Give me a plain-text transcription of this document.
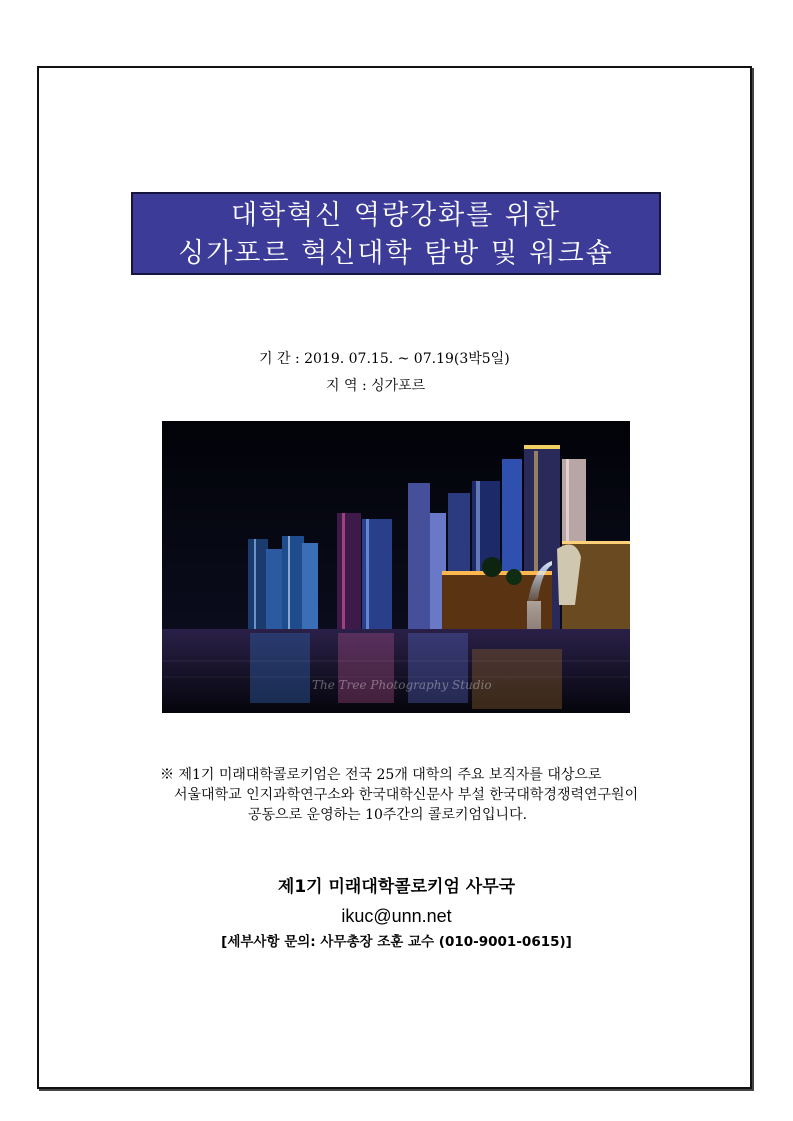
대학혁신 역량강화를 위한
싱가포르 혁신대학 탐방 및 워크숍
기 간 : 2019. 07.15. ~ 07.19(3박5일)
지 역 : 싱가포르
The Tree Photography Studio
※ 제1기 미래대학콜로키엄은 전국 25개 대학의 주요 보직자를 대상으로
서울대학교 인지과학연구소와 한국대학신문사 부설 한국대학경쟁력연구원이
공동으로 운영하는 10주간의 콜로키엄입니다.
제1기 미래대학콜로키엄 사무국
ikuc@unn.net
[세부사항 문의: 사무총장 조훈 교수 (010-9001-0615)]
